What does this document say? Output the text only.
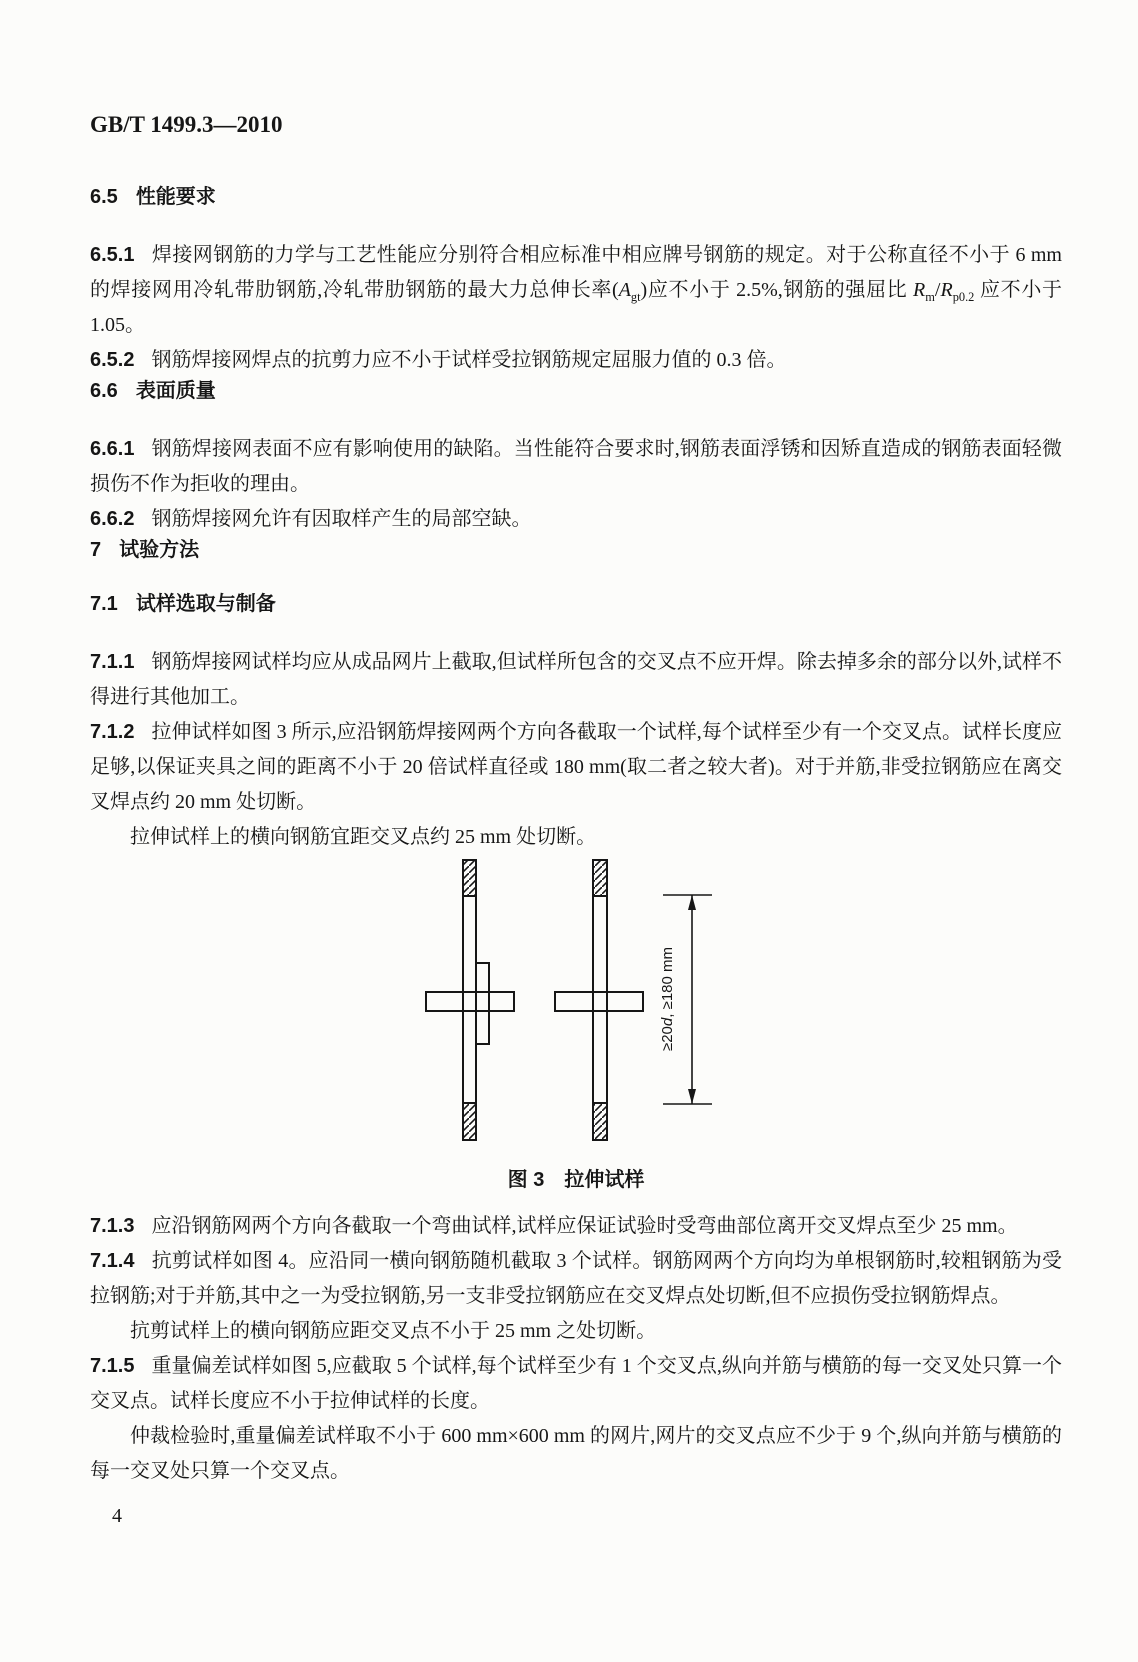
GB/T 1499.3—2010

6.5 性能要求

6.5.1 焊接网钢筋的力学与工艺性能应分别符合相应标准中相应牌号钢筋的规定。对于公称直径不小于 6 mm 的焊接网用冷轧带肋钢筋,冷轧带肋钢筋的最大力总伸长率$(A_{gt})$应不小于 2.5%,钢筋的强屈比 $R_m/R_{p0.2}$ 应不小于 1.05。

6.5.2 钢筋焊接网焊点的抗剪力应不小于试样受拉钢筋规定屈服力值的 0.3 倍。

6.6 表面质量

6.6.1 钢筋焊接网表面不应有影响使用的缺陷。当性能符合要求时,钢筋表面浮锈和因矫直造成的钢筋表面轻微损伤不作为拒收的理由。

6.6.2 钢筋焊接网允许有因取样产生的局部空缺。

7 试验方法
7.1 试样选取与制备

7.1.1 钢筋焊接网试样均应从成品网片上截取,但试样所包含的交叉点不应开焊。除去掉多余的部分以外,试样不得进行其他加工。

7.1.2 拉伸试样如图 3 所示,应沿钢筋焊接网两个方向各截取一个试样,每个试样至少有一个交叉点。试样长度应足够,以保证夹具之间的距离不小于 20 倍试样直径或 180 mm(取二者之较大者)。对于并筋,非受拉钢筋应在离交叉焊点约 20 mm 处切断。

拉伸试样上的横向钢筋宜距交叉点约 25 mm 处切断。

≥20d, ≥180 mm

图 3 拉伸试样

7.1.3 应沿钢筋网两个方向各截取一个弯曲试样,试样应保证试验时受弯曲部位离开交叉焊点至少 25 mm。

7.1.4 抗剪试样如图 4。应沿同一横向钢筋随机截取 3 个试样。钢筋网两个方向均为单根钢筋时,较粗钢筋为受拉钢筋;对于并筋,其中之一为受拉钢筋,另一支非受拉钢筋应在交叉焊点处切断,但不应损伤受拉钢筋焊点。

抗剪试样上的横向钢筋应距交叉点不小于 25 mm 之处切断。

7.1.5 重量偏差试样如图 5,应截取 5 个试样,每个试样至少有 1 个交叉点,纵向并筋与横筋的每一交叉处只算一个交叉点。试样长度应不小于拉伸试样的长度。

仲裁检验时,重量偏差试样取不小于 600 mm×600 mm 的网片,网片的交叉点应不少于 9 个,纵向并筋与横筋的每一交叉处只算一个交叉点。

4
